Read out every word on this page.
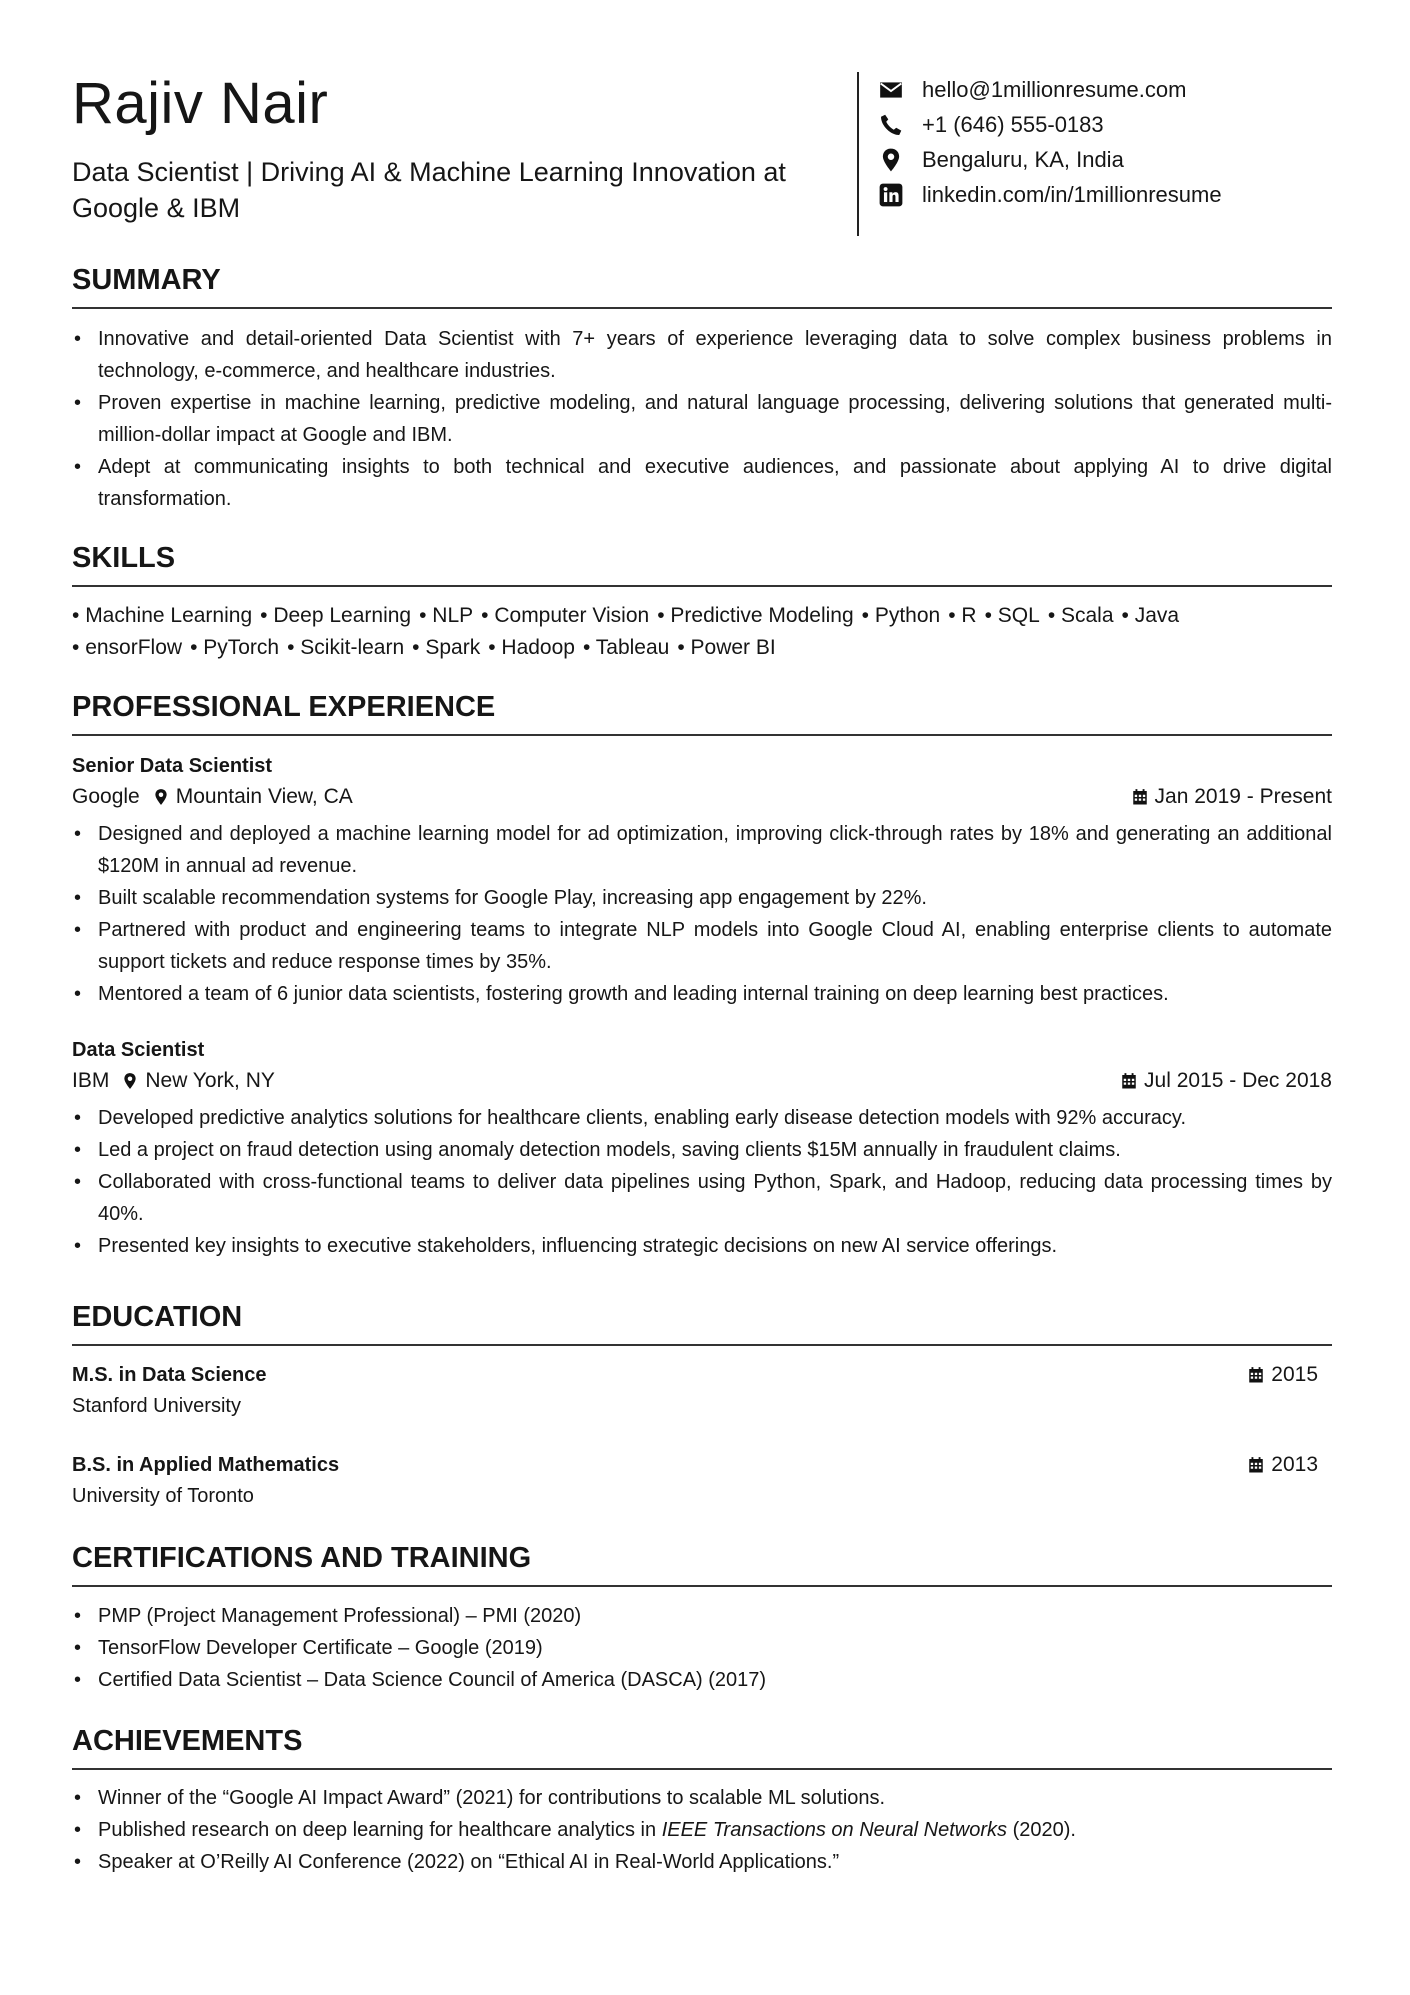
Rajiv Nair
Data Scientist | Driving AI & Machine Learning Innovation at Google & IBM
hello@1millionresume.com
+1 (646) 555-0183
Bengaluru, KA, India
linkedin.com/in/1millionresume
SUMMARY
• Innovative and detail-oriented Data Scientist with 7+ years of experience leveraging data to solve complex business problems in technology, e-commerce, and healthcare industries.
• Proven expertise in machine learning, predictive modeling, and natural language processing, delivering solutions that generated multi-million-dollar impact at Google and IBM.
• Adept at communicating insights to both technical and executive audiences, and passionate about applying AI to drive digital transformation.
SKILLS
• Machine Learning • Deep Learning • NLP • Computer Vision • Predictive Modeling • Python • R • SQL • Scala • Java
• ensorFlow • PyTorch • Scikit-learn • Spark • Hadoop • Tableau • Power BI
PROFESSIONAL EXPERIENCE
Senior Data Scientist
Google Mountain View, CA	Jan 2019 - Present
• Designed and deployed a machine learning model for ad optimization, improving click-through rates by 18% and generating an additional $120M in annual ad revenue.
• Built scalable recommendation systems for Google Play, increasing app engagement by 22%.
• Partnered with product and engineering teams to integrate NLP models into Google Cloud AI, enabling enterprise clients to automate support tickets and reduce response times by 35%.
• Mentored a team of 6 junior data scientists, fostering growth and leading internal training on deep learning best practices.
Data Scientist
IBM New York, NY	Jul 2015 - Dec 2018
• Developed predictive analytics solutions for healthcare clients, enabling early disease detection models with 92% accuracy.
• Led a project on fraud detection using anomaly detection models, saving clients $15M annually in fraudulent claims.
• Collaborated with cross-functional teams to deliver data pipelines using Python, Spark, and Hadoop, reducing data processing times by 40%.
• Presented key insights to executive stakeholders, influencing strategic decisions on new AI service offerings.
EDUCATION
M.S. in Data Science	2015
Stanford University
B.S. in Applied Mathematics	2013
University of Toronto
CERTIFICATIONS AND TRAINING
• PMP (Project Management Professional) – PMI (2020)
• TensorFlow Developer Certificate – Google (2019)
• Certified Data Scientist – Data Science Council of America (DASCA) (2017)
ACHIEVEMENTS
• Winner of the “Google AI Impact Award” (2021) for contributions to scalable ML solutions.
• Published research on deep learning for healthcare analytics in IEEE Transactions on Neural Networks (2020).
• Speaker at O’Reilly AI Conference (2022) on “Ethical AI in Real-World Applications.”
